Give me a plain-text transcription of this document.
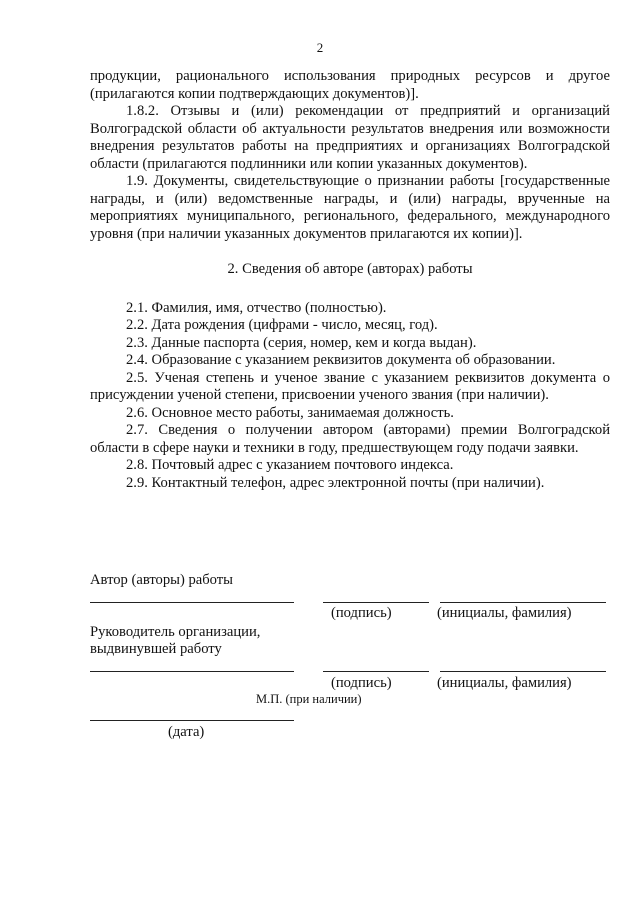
2

продукции, рационального использования природных ресурсов и другое (прилагаются копии подтверждающих документов)].

1.8.2. Отзывы и (или) рекомендации от предприятий и организаций Волгоградской области об актуальности результатов внедрения или возможности внедрения результатов работы на предприятиях и организациях Волгоградской области (прилагаются подлинники или копии указанных документов).

1.9. Документы, свидетельствующие о признании работы [государственные награды, и (или) ведомственные награды, и (или) награды, врученные на мероприятиях муниципального, регионального, федерального, международного уровня (при наличии указанных документов прилагаются их копии)].

2. Сведения об авторе (авторах) работы

2.1. Фамилия, имя, отчество (полностью).

2.2. Дата рождения (цифрами - число, месяц, год).

2.3. Данные паспорта (серия, номер, кем и когда выдан).

2.4. Образование с указанием реквизитов документа об образовании.

2.5. Ученая степень и ученое звание с указанием реквизитов документа о присуждении ученой степени, присвоении ученого звания (при наличии).

2.6. Основное место работы, занимаемая должность.

2.7. Сведения о получении автором (авторами) премии Волгоградской области в сфере науки и техники в году, предшествующем году подачи заявки.

2.8. Почтовый адрес с указанием почтового индекса.

2.9. Контактный телефон, адрес электронной почты (при наличии).

Автор (авторы) работы
(подпись)	(инициалы, фамилия)
Руководитель организации,
выдвинувшей работу
(подпись)	(инициалы, фамилия)
М.П. (при наличии)
(дата)
